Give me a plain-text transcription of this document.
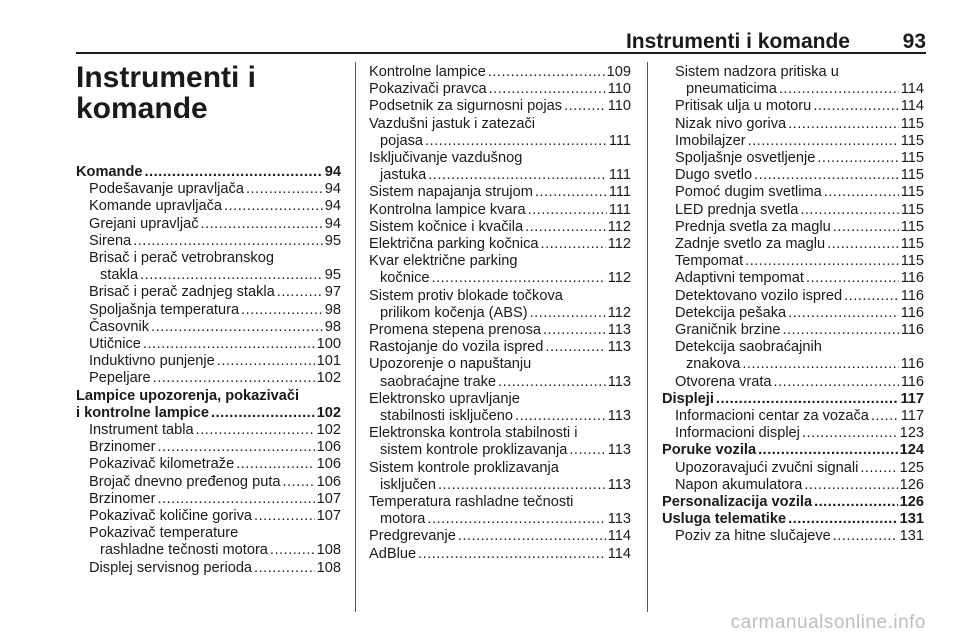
Instrumenti i komande	93
Instrumenti i
komande
Komande .....	94
Podešavanje upravljača .....	94
Komande upravljača .....	94
Grejani upravljač .....	94
Sirena .....	95
Brisač i perač vetrobranskog
stakla .....	95
Brisač i perač zadnjeg stakla .....	97
Spoljašnja temperatura .....	98
Časovnik .....	98
Utičnice .....	100
Induktivno punjenje .....	101
Pepeljare .....	102
Lampice upozorenja, pokazivači
i kontrolne lampice .....	102
Instrument tabla .....	102
Brzinomer .....	106
Pokazivač kilometraže .....	106
Brojač dnevno pređenog puta ..... 106
Brzinomer .....	107
Pokazivač količine goriva .....	107
Pokazivač temperature
rashladne tečnosti motora .....	108
Displej servisnog perioda .....	108
Kontrolne lampice .....	109
Pokazivači pravca .....	110
Podsetnik za sigurnosni pojas .....	110
Vazdušni jastuk i zatezači
pojasa .....	111
Isključivanje vazdušnog
jastuka .....	111
Sistem napajanja strujom .....	111
Kontrolna lampice kvara .....	111
Sistem kočnice i kvačila .....	112
Električna parking kočnica .....	112
Kvar električne parking
kočnice .....	112
Sistem protiv blokade točkova
prilikom kočenja (ABS) .....	112
Promena stepena prenosa .....	113
Rastojanje do vozila ispred .....	113
Upozorenje o napuštanju
saobraćajne trake .....	113
Elektronsko upravljanje
stabilnosti isključeno .....	113
Elektronska kontrola stabilnosti i
sistem kontrole proklizavanja .....	113
Sistem kontrole proklizavanja
isključen .....	113
Temperatura rashladne tečnosti
motora .....	113
Predgrevanje .....	114
AdBlue .....	114
Sistem nadzora pritiska u
pneumaticima .....	114
Pritisak ulja u motoru .....	114
Nizak nivo goriva .....	115
Imobilajzer .....	115
Spoljašnje osvetljenje .....	115
Dugo svetlo .....	115
Pomoć dugim svetlima .....	115
LED prednja svetla .....	115
Prednja svetla za maglu .....	115
Zadnje svetlo za maglu .....	115
Tempomat .....	115
Adaptivni tempomat .....	116
Detektovano vozilo ispred .....	116
Detekcija pešaka .....	116
Graničnik brzine .....	116
Detekcija saobraćajnih
znakova .....	116
Otvorena vrata .....	116
Displeji .....	117
Informacioni centar za vozača ..... 117
Informacioni displej .....	123
Poruke vozila .....	124
Upozoravajući zvučni signali .....	125
Napon akumulatora .....	126
Personalizacija vozila .....	126
Usluga telematike .....	131
Poziv za hitne slučajeve .....	131
carmanualsonline.info
